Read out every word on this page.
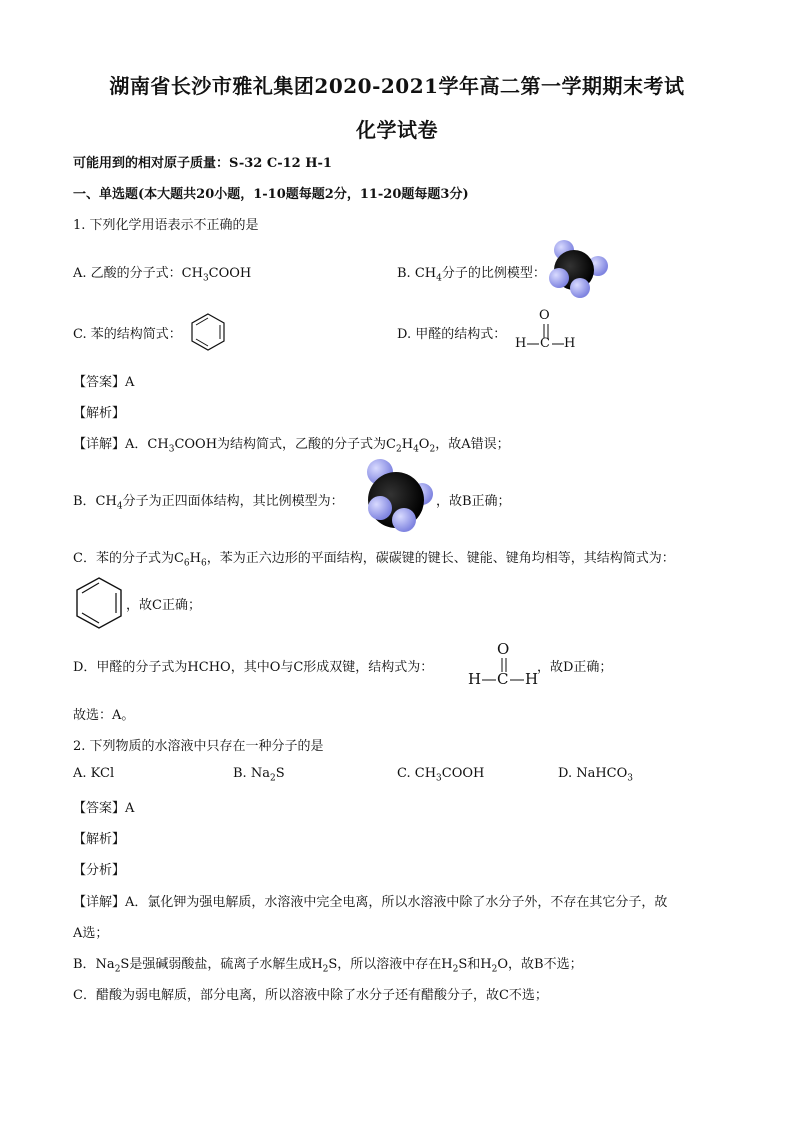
湖南省长沙市雅礼集团2020-2021学年高二第一学期期末考试
化学试卷
可能用到的相对原子质量：S-32 C-12 H-1
一、单选题(本大题共20小题，1-10题每题2分，11-20题每题3分)
1. 下列化学用语表示不正确的是
A. 乙酸的分子式：$CH_3COOH$	B. $CH_4$分子的比例模型：
C. 苯的结构简式：	D. 甲醛的结构式：
O
H C H
【答案】A
【解析】
【详解】A．$CH_3COOH$为结构简式，乙酸的分子式为$C_2H_4O_2$，故A错误；
B．$CH_4$分子为正四面体结构，其比例模型为：	，故B正确；
C．苯的分子式为$C_6H_6$，苯为正六边形的平面结构，碳碳键的键长、键能、键角均相等，其结构简式为：
，故C正确；
D．甲醛的分子式为HCHO，其中O与C形成双键，结构式为：
O
H C H
，故D正确；
故选：A。
2. 下列物质的水溶液中只存在一种分子的是
A. KCl	B. $Na_2S$	C. $CH_3COOH$	D. NaHCO$_3$
【答案】A
【解析】
【分析】
【详解】A．氯化钾为强电解质，水溶液中完全电离，所以水溶液中除了水分子外，不存在其它分子，故
A选；
B．$Na_2S$是强碱弱酸盐，硫离子水解生成$H_2S$，所以溶液中存在$H_2S$和$H_2O$，故B不选；
C．醋酸为弱电解质，部分电离，所以溶液中除了水分子还有醋酸分子，故C不选；
